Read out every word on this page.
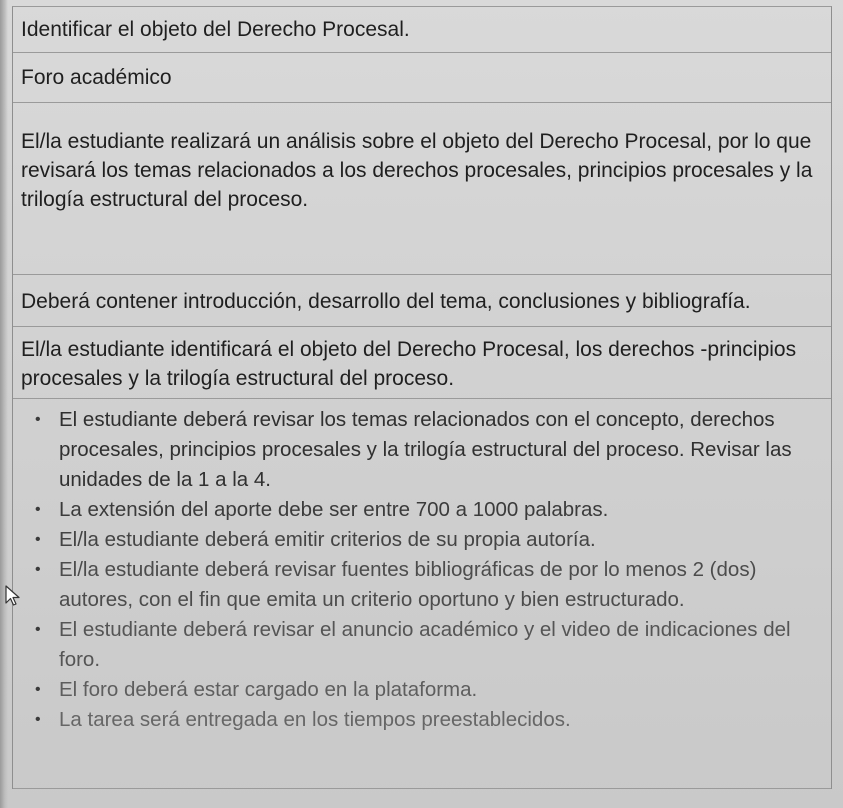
Identificar el objeto del Derecho Procesal.
Foro académico
El/la estudiante realizará un análisis sobre el objeto del Derecho Procesal, por lo que revisará los temas relacionados a los derechos procesales, principios procesales y la trilogía estructural del proceso.
Deberá contener introducción, desarrollo del tema, conclusiones y bibliografía.
El/la estudiante identificará el objeto del Derecho Procesal, los derechos -principios procesales y la trilogía estructural del proceso.
• El estudiante deberá revisar los temas relacionados con el concepto, derechos procesales, principios procesales y la trilogía estructural del proceso. Revisar las unidades de la 1 a la 4.
• La extensión del aporte debe ser entre 700 a 1000 palabras.
• El/la estudiante deberá emitir criterios de su propia autoría.
• El/la estudiante deberá revisar fuentes bibliográficas de por lo menos 2 (dos) autores, con el fin que emita un criterio oportuno y bien estructurado.
• El estudiante deberá revisar el anuncio académico y el video de indicaciones del foro.
• El foro deberá estar cargado en la plataforma.
• La tarea será entregada en los tiempos preestablecidos.
